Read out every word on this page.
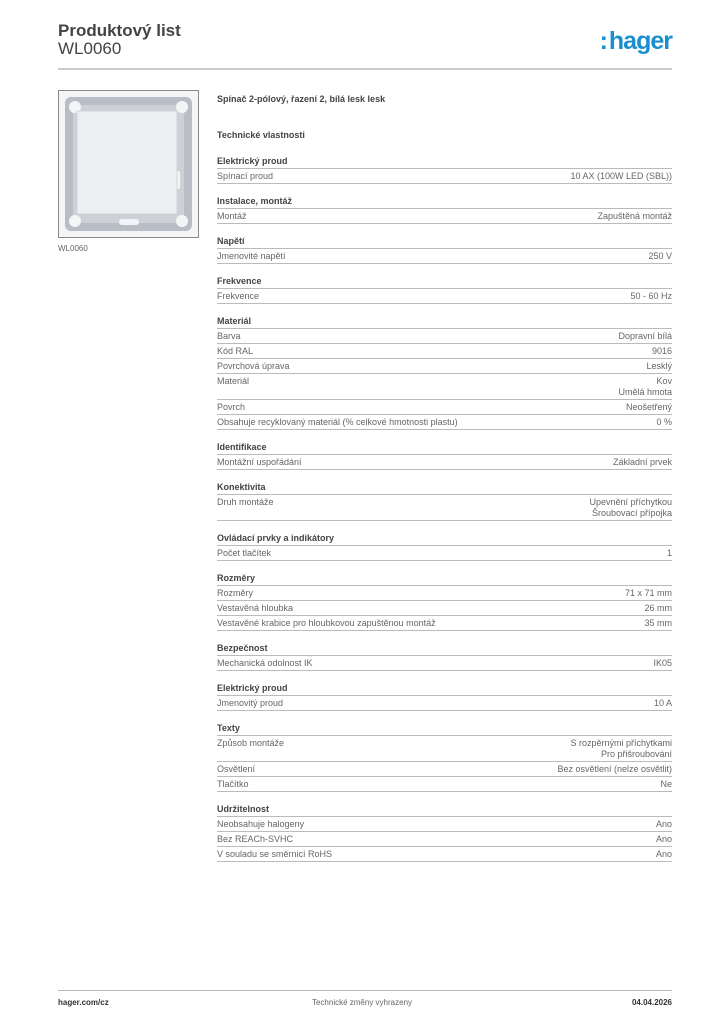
Produktový list
WL0060	:hager
WL0060
Spínač 2-pólový, řazení 2, bílá lesk lesk
Technické vlastnosti
Elektrický proud
Spínací proud	10 AX (100W LED (SBL))
Instalace, montáž
Montáž	Zapuštěná montáž
Napětí
Jmenovité napětí	250 V
Frekvence
Frekvence	50 - 60 Hz
Materiál
Barva	Dopravní bílá
Kód RAL	9016
Povrchová úprava	Lesklý
Materiál	Kov
Umělá hmota
Povrch	Neošetřený
Obsahuje recyklovaný materiál (% celkové hmotnosti plastu)	0 %
Identifikace
Montážní uspořádání	Základní prvek
Konektivita
Druh montáže	Upevnění příchytkou
Šroubovací přípojka
Ovládací prvky a indikátory
Počet tlačítek	1
Rozměry
Rozměry	71 x 71 mm
Vestavěná hloubka	26 mm
Vestavěné krabice pro hloubkovou zapuštěnou montáž	35 mm
Bezpečnost
Mechanická odolnost IK	IK05
Elektrický proud
Jmenovitý proud	10 A
Texty
Způsob montáže	S rozpěrnými příchytkami
Pro přišroubování
Osvětlení	Bez osvětlení (nelze osvětlit)
Tlačítko	Ne
Udržitelnost
Neobsahuje halogeny	Ano
Bez REACh-SVHC	Ano
V souladu se směrnicí RoHS	Ano
hager.com/cz	Technické změny vyhrazeny	04.04.2026
